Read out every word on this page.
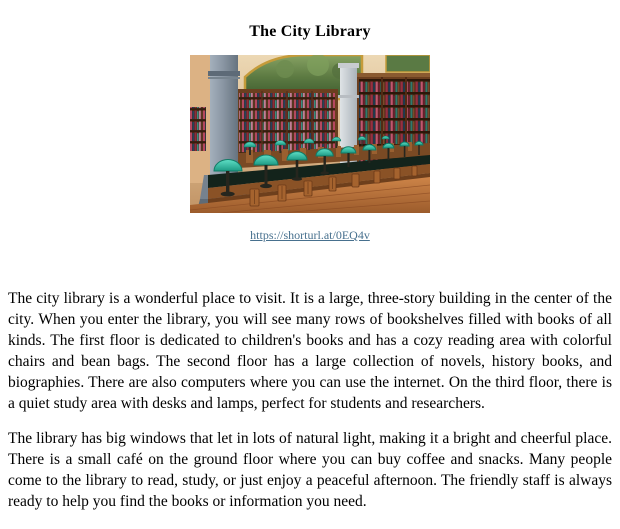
The City Library
https://shorturl.at/0EQ4v

The city library is a wonderful place to visit. It is a large, three-story building in the center of the city. When you enter the library, you will see many rows of bookshelves filled with books of all kinds. The first floor is dedicated to children's books and has a cozy reading area with colorful chairs and bean bags. The second floor has a large collection of novels, history books, and biographies. There are also computers where you can use the internet. On the third floor, there is a quiet study area with desks and lamps, perfect for students and researchers.

The library has big windows that let in lots of natural light, making it a bright and cheerful place. There is a small café on the ground floor where you can buy coffee and snacks. Many people come to the library to read, study, or just enjoy a peaceful afternoon. The friendly staff is always ready to help you find the books or information you need.
